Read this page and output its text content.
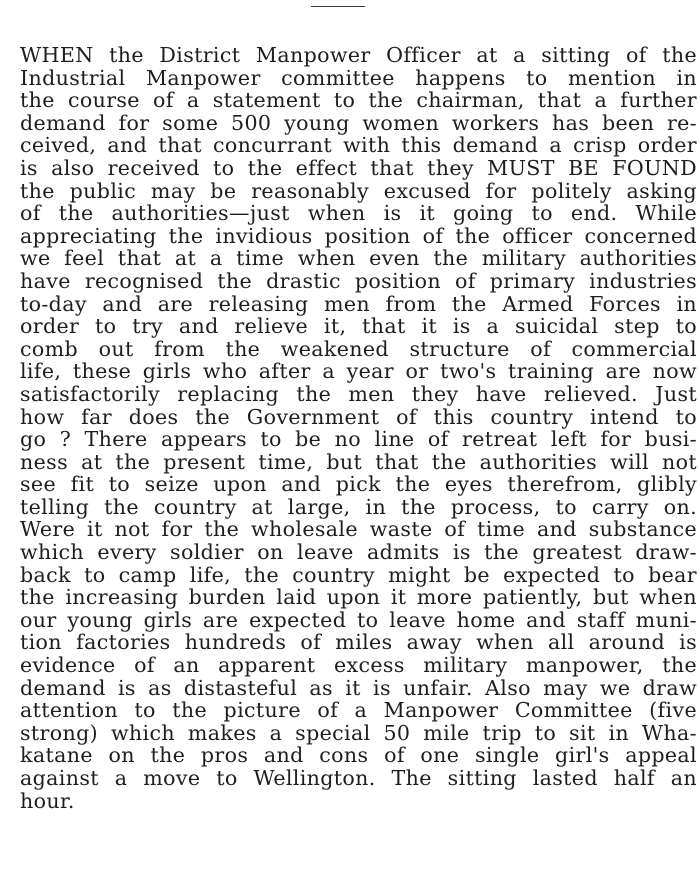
WHEN the District Manpower Officer at a sitting of the
Industrial Manpower committee happens to mention in
the course of a statement to the chairman, that a further
demand for some 500 young women workers has been re-
ceived, and that concurrant with this demand a crisp order
is also received to the effect that they MUST BE FOUND
the public may be reasonably excused for politely asking
of the authorities—just when is it going to end. While
appreciating the invidious position of the officer concerned
we feel that at a time when even the military authorities
have recognised the drastic position of primary industries
to-day and are releasing men from the Armed Forces in
order to try and relieve it, that it is a suicidal step to
comb out from the weakened structure of commercial
life, these girls who after a year or two's training are now
satisfactorily replacing the men they have relieved. Just
how far does the Government of this country intend to
go ? There appears to be no line of retreat left for busi-
ness at the present time, but that the authorities will not
see fit to seize upon and pick the eyes therefrom, glibly
telling the country at large, in the process, to carry on.
Were it not for the wholesale waste of time and substance
which every soldier on leave admits is the greatest draw-
back to camp life, the country might be expected to bear
the increasing burden laid upon it more patiently, but when
our young girls are expected to leave home and staff muni-
tion factories hundreds of miles away when all around is
evidence of an apparent excess military manpower, the
demand is as distasteful as it is unfair. Also may we draw
attention to the picture of a Manpower Committee (five
strong) which makes a special 50 mile trip to sit in Wha-
katane on the pros and cons of one single girl's appeal
against a move to Wellington. The sitting lasted half an
hour.
